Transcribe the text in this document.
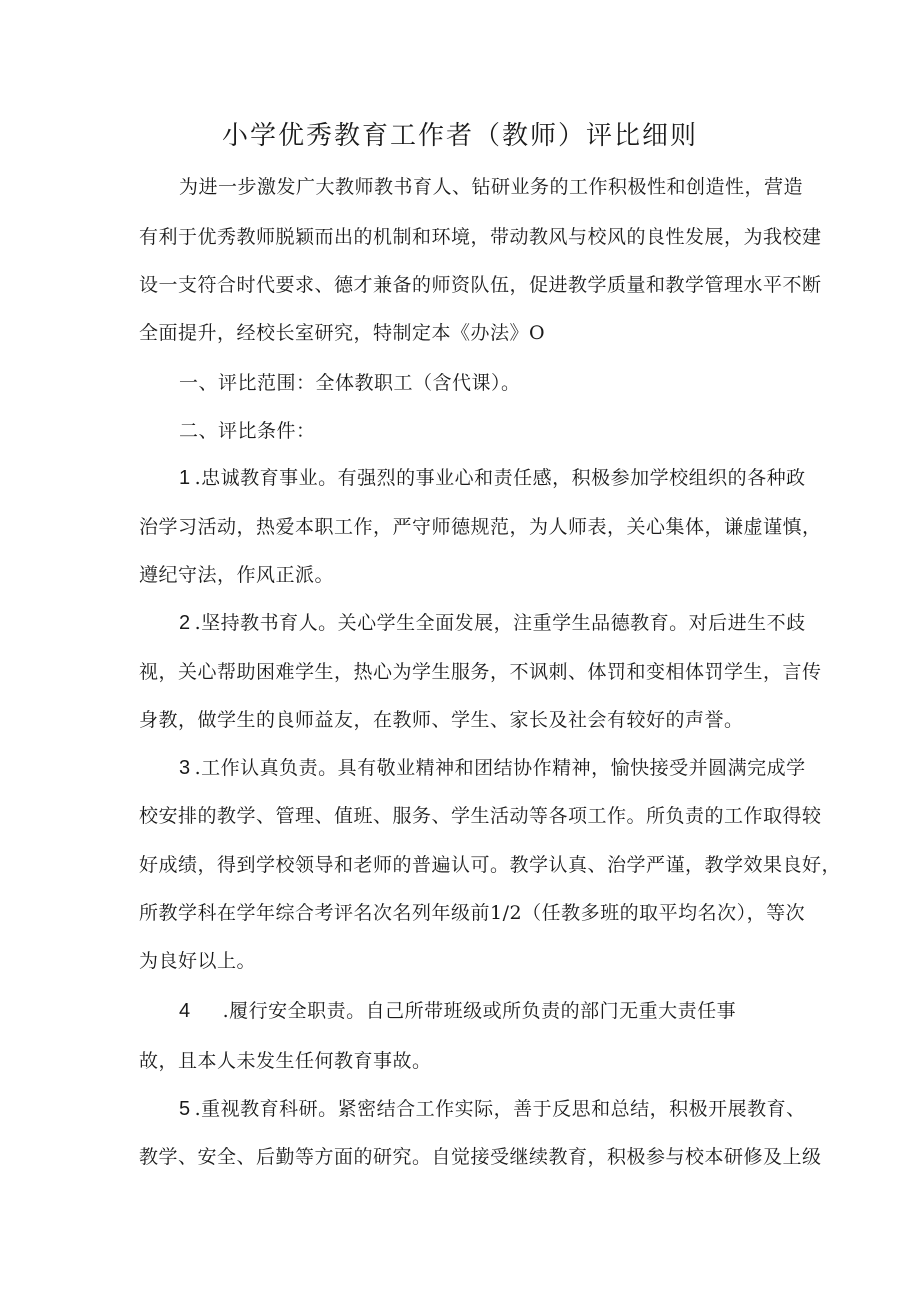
小学优秀教育工作者（教师）评比细则
为进一步激发广大教师教书育人、钻研业务的工作积极性和创造性，营造
有利于优秀教师脱颖而出的机制和环境，带动教风与校风的良性发展，为我校建
设一支符合时代要求、德才兼备的师资队伍，促进教学质量和教学管理水平不断
全面提升，经校长室研究，特制定本《办法》O
一、评比范围：全体教职工（含代课）。
二、评比条件：
1 .忠诚教育事业。有强烈的事业心和责任感，积极参加学校组织的各种政
治学习活动，热爱本职工作，严守师德规范，为人师表，关心集体，谦虚谨慎，
遵纪守法，作风正派。
2 .坚持教书育人。关心学生全面发展，注重学生品德教育。对后进生不歧
视，关心帮助困难学生，热心为学生服务，不讽刺、体罚和变相体罚学生，言传
身教，做学生的良师益友，在教师、学生、家长及社会有较好的声誉。
3 .工作认真负责。具有敬业精神和团结协作精神，愉快接受并圆满完成学
校安排的教学、管理、值班、服务、学生活动等各项工作。所负责的工作取得较
好成绩，得到学校领导和老师的普遍认可。教学认真、治学严谨，教学效果良好，
所教学科在学年综合考评名次名列年级前1/2（任教多班的取平均名次），等次
为良好以上。
4 .履行安全职责。自己所带班级或所负责的部门无重大责任事
故，且本人未发生任何教育事故。
5 .重视教育科研。紧密结合工作实际，善于反思和总结，积极开展教育、
教学、安全、后勤等方面的研究。自觉接受继续教育，积极参与校本研修及上级
